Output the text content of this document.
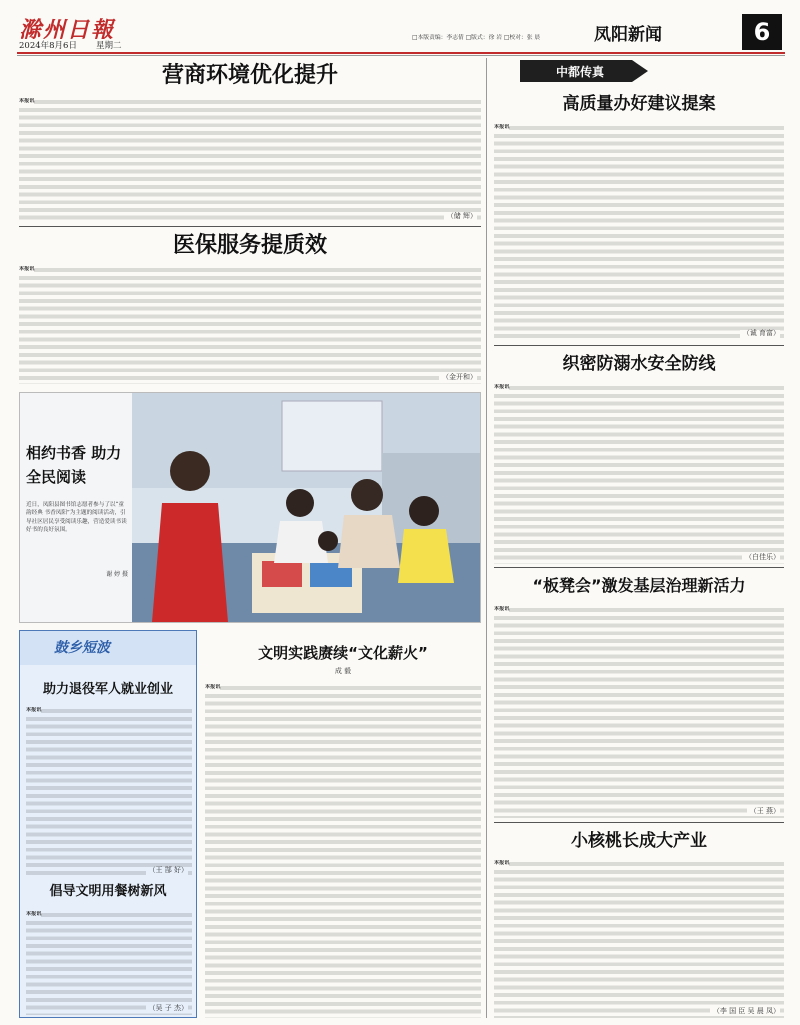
滁州日報
2024年8月6日	星期二
□本版责编：李志倩 □版式：徐 岩 □校对：张 晨	凤阳新闻	6
营商环境优化提升
本报讯
（储 辉）
医保服务提质效
本报讯
（金开和）
相约书香 助力全民阅读
近日，凤阳县图书馆志愿者参与了以“童韵经典 书香凤阳”为主题的阅读活动，引导社区居民享受阅读乐趣，营造爱读书读好书的良好氛围。
谢 婷 摄
鼓乡短波
助力退役军人就业创业
本报讯
（王 郜 好）
倡导文明用餐树新风
本报讯
（吴 子 杰）
文明实践赓续“文化薪火”
成 毅
本报讯
中都传真
高质量办好建议提案
本报讯
（诚 育富）
织密防溺水安全防线
本报讯
（白佳乐）
“板凳会”激发基层治理新活力
本报讯
（王 燕）
小核桃长成大产业
本报讯
（李 国 臣 吴 晨 凤）
